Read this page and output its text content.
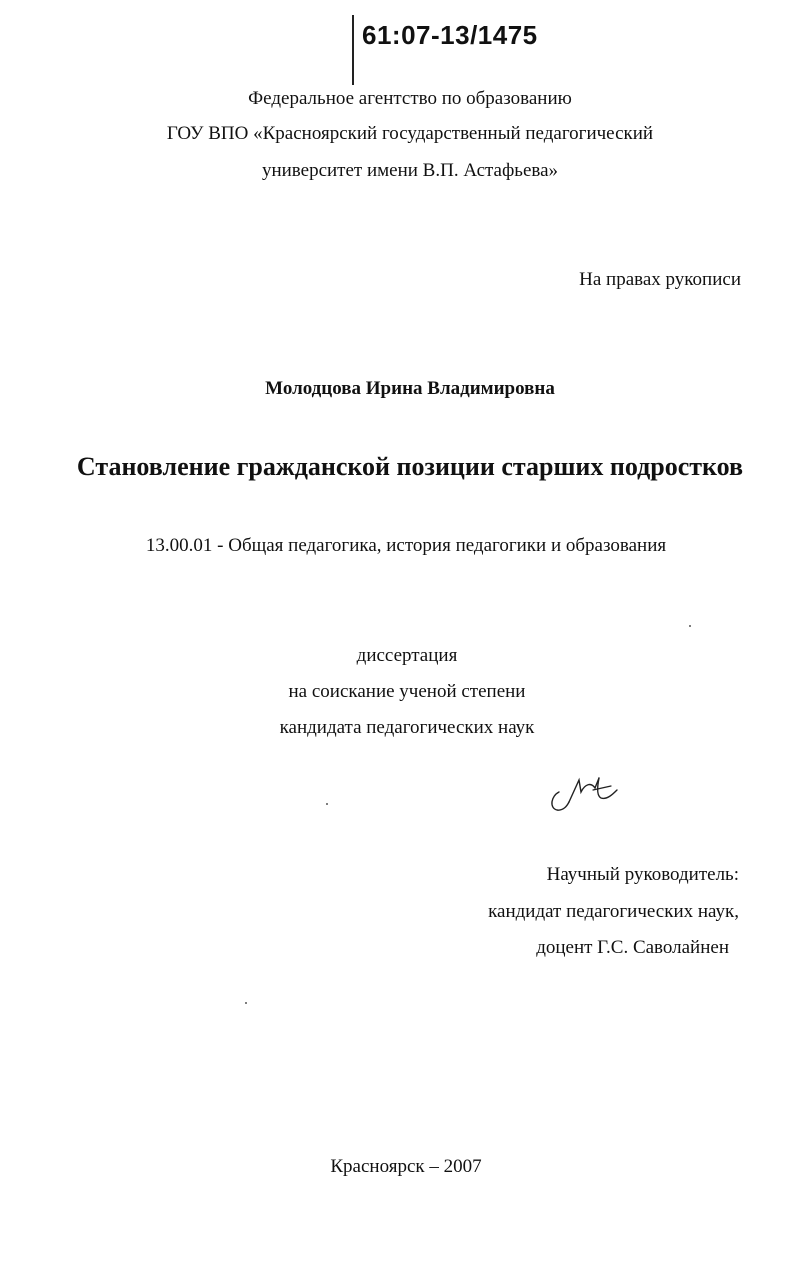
61:07-13/1475
Федеральное агентство по образованию
ГОУ ВПО «Красноярский государственный педагогический
университет имени В.П. Астафьева»
На правах рукописи
Молодцова Ирина Владимировна
Становление гражданской позиции старших подростков
13.00.01 - Общая педагогика, история педагогики и образования
диссертация
на соискание ученой степени
кандидата педагогических наук
Научный руководитель:
кандидат педагогических наук,
доцент Г.С. Саволайнен
Красноярск – 2007
